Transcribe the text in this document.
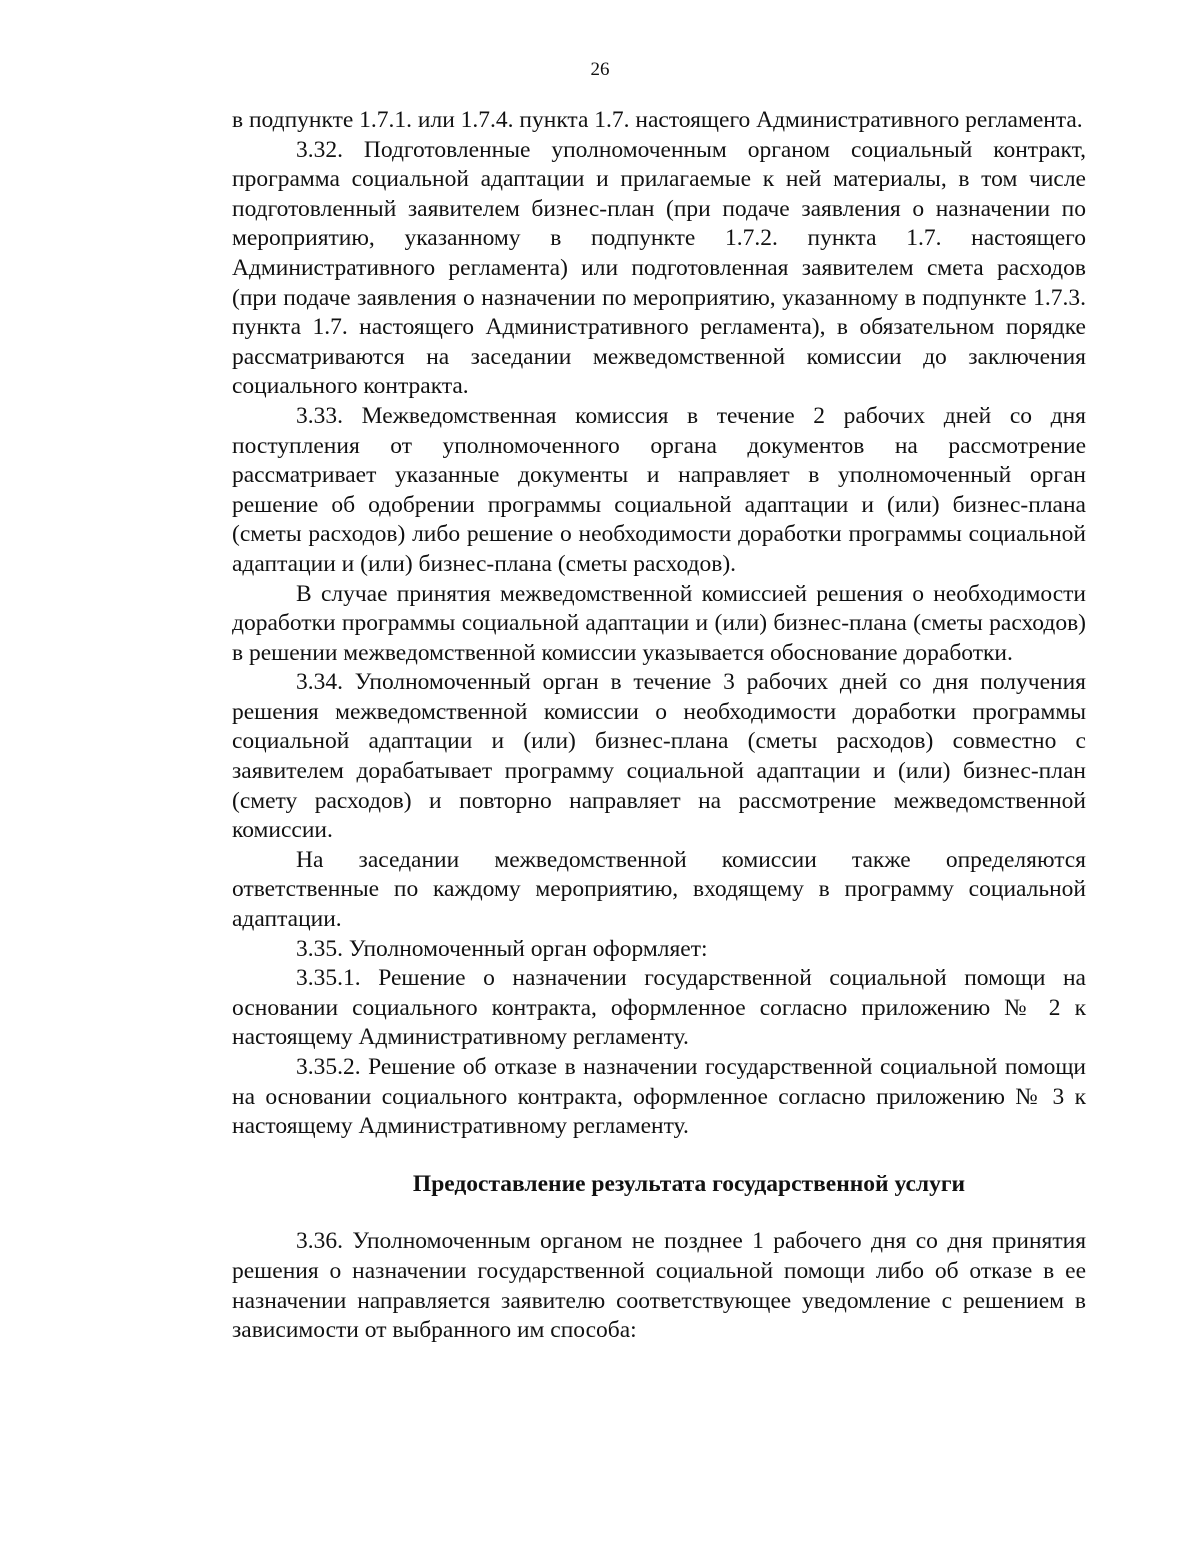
26

в подпункте 1.7.1. или 1.7.4. пункта 1.7. настоящего Административного регламента.

3.32. Подготовленные уполномоченным органом социальный контракт, программа социальной адаптации и прилагаемые к ней материалы, в том числе подготовленный заявителем бизнес-план (при подаче заявления о назначении по мероприятию, указанному в подпункте 1.7.2. пункта 1.7. настоящего Административного регламента) или подготовленная заявителем смета расходов (при подаче заявления о назначении по мероприятию, указанному в подпункте 1.7.3. пункта 1.7. настоящего Административного регламента), в обязательном порядке рассматриваются на заседании межведомственной комиссии до заключения социального контракта.

3.33. Межведомственная комиссия в течение 2 рабочих дней со дня поступления от уполномоченного органа документов на рассмотрение рассматривает указанные документы и направляет в уполномоченный орган решение об одобрении программы социальной адаптации и (или) бизнес-плана (сметы расходов) либо решение о необходимости доработки программы социальной адаптации и (или) бизнес-плана (сметы расходов).

В случае принятия межведомственной комиссией решения о необходимости доработки программы социальной адаптации и (или) бизнес-плана (сметы расходов) в решении межведомственной комиссии указывается обоснование доработки.

3.34. Уполномоченный орган в течение 3 рабочих дней со дня получения решения межведомственной комиссии о необходимости доработки программы социальной адаптации и (или) бизнес-плана (сметы расходов) совместно с заявителем дорабатывает программу социальной адаптации и (или) бизнес-план (смету расходов) и повторно направляет на рассмотрение межведомственной комиссии.

На заседании межведомственной комиссии также определяются ответственные по каждому мероприятию, входящему в программу социальной адаптации.

3.35. Уполномоченный орган оформляет:

3.35.1. Решение о назначении государственной социальной помощи на основании социального контракта, оформленное согласно приложению № 2 к настоящему Административному регламенту.

3.35.2. Решение об отказе в назначении государственной социальной помощи на основании социального контракта, оформленное согласно приложению № 3 к настоящему Административному регламенту.

Предоставление результата государственной услуги

3.36. Уполномоченным органом не позднее 1 рабочего дня со дня принятия решения о назначении государственной социальной помощи либо об отказе в ее назначении направляется заявителю соответствующее уведомление с решением в зависимости от выбранного им способа:
